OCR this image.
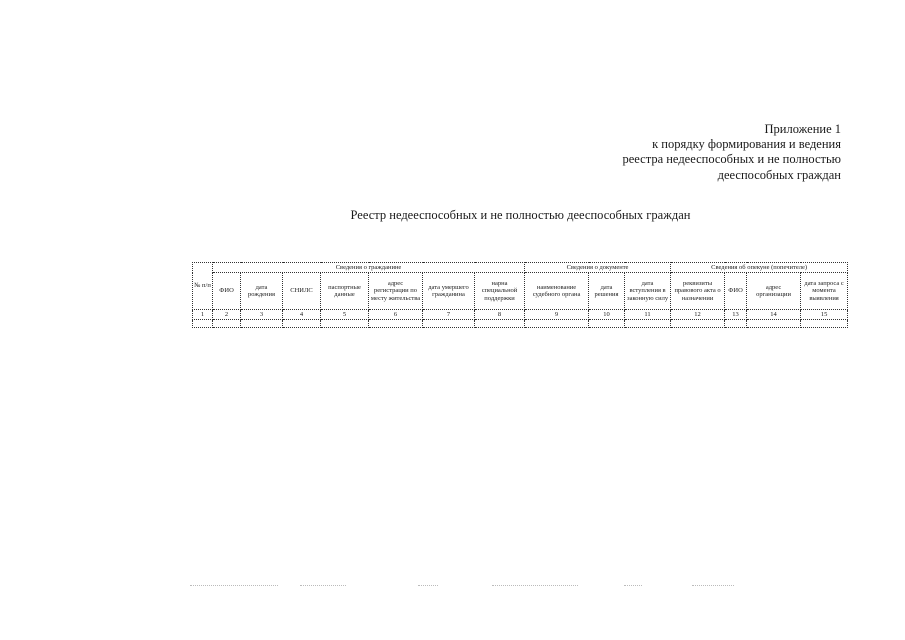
Приложение 1
к порядку формирования и ведения
реестра недееспособных и не полностью
дееспособных граждан
Реестр недееспособных и не полностью дееспособных граждан
№ п/п	Сведения о гражданине							Сведения о документе			Сведения об опекуне (попечителе)			
	ФИО	дата рождения	СНИЛС	паспортные данные	адрес регистрации по месту жительства	дата умершего гражданина	нарна специальной поддержки	наименование судебного органа	дата решения	дата вступления в законную силу	реквизиты правового акта о назначении	ФИО	адрес организации	дата запроса с момента выявления
1	2	3	4	5	6	7	8	9	10	11	12	13	14	15
